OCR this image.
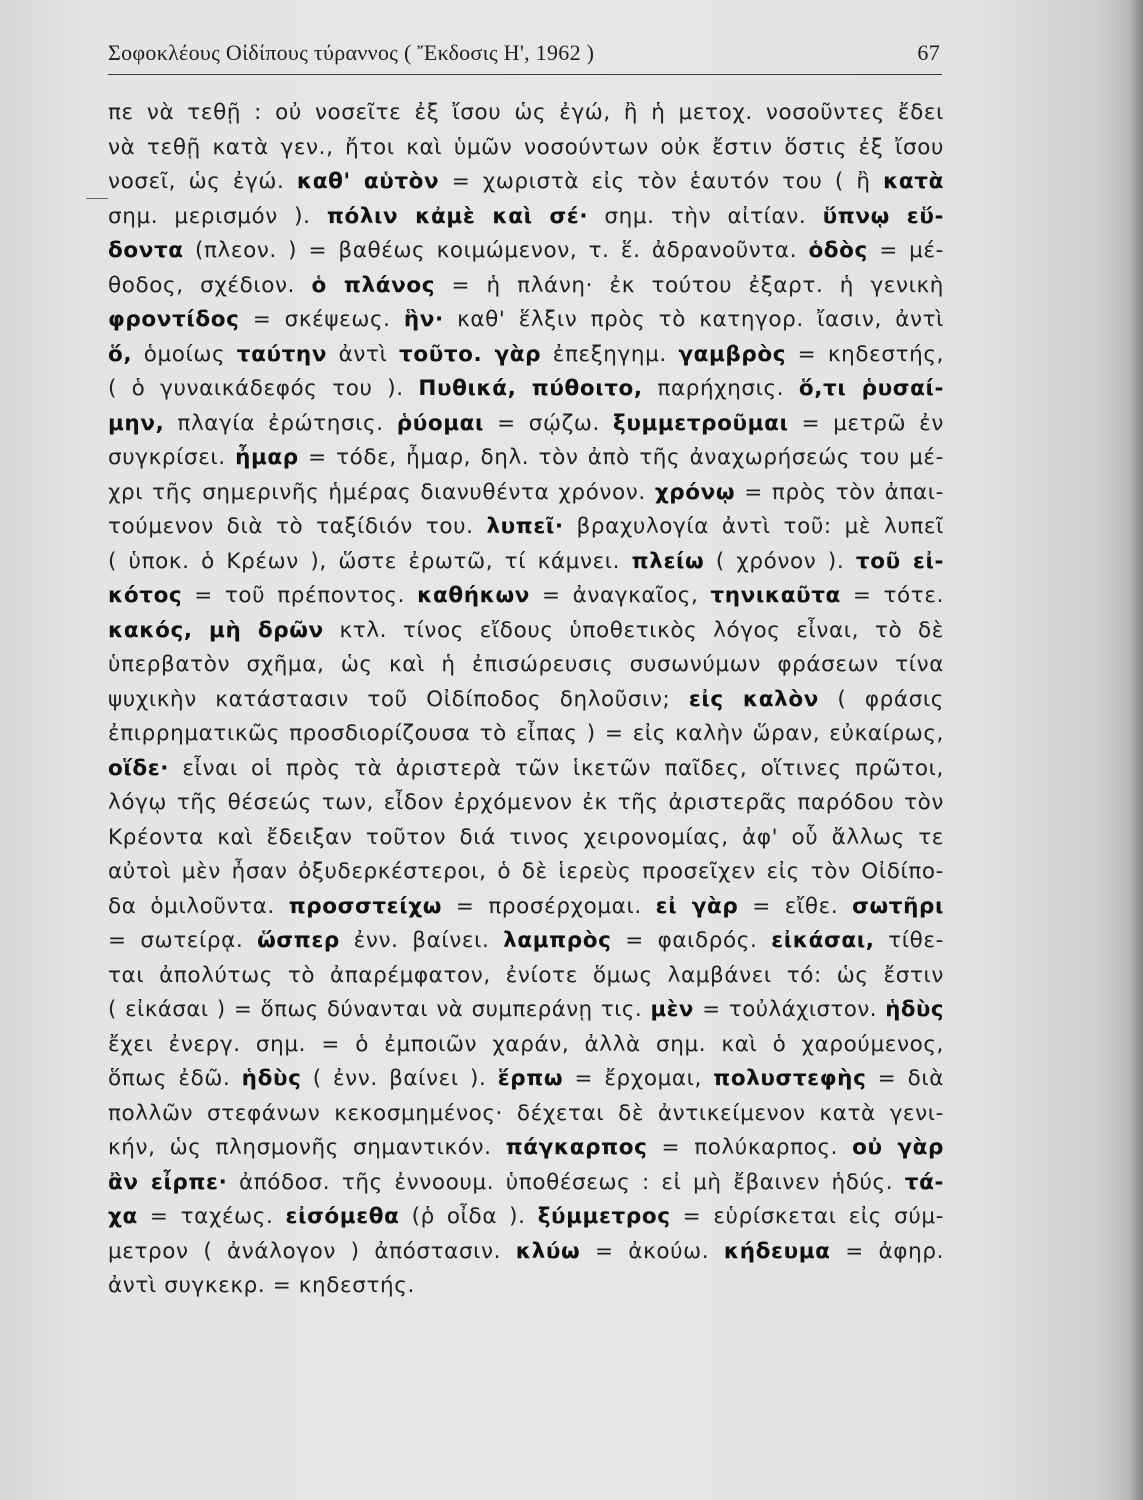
Σοφοκλέους Οἰδίπους τύραννος ( Ἔκδοσις Η', 1962 )	67
πε νὰ τεθῇ : οὐ νοσεῖτε ἐξ ἴσου ὡς ἐγώ, ἢ ἡ μετοχ. νοσοῦντες ἔδει
νὰ τεθῇ κατὰ γεν., ἤτοι καὶ ὑμῶν νοσούντων οὐκ ἔστιν ὅστις ἐξ ἴσου
νοσεῖ, ὡς ἐγώ. καθ' αὑτὸν = χωριστὰ εἰς τὸν ἑαυτόν του ( ἢ κατὰ
σημ. μερισμόν ). πόλιν κἀμὲ καὶ σέ· σημ. τὴν αἰτίαν. ὕπνῳ εὕ-
δοντα (πλεον. ) = βαθέως κοιμώμενον, τ. ἕ. ἀδρανοῦντα. ὁδὸς = μέ-
θοδος, σχέδιον. ὁ πλάνος = ἡ πλάνη· ἐκ τούτου ἐξαρτ. ἡ γενικὴ
φροντίδος = σκέψεως. ἣν· καθ' ἕλξιν πρὸς τὸ κατηγορ. ἴασιν, ἀντὶ
ὅ, ὁμοίως ταύτην ἀντὶ τοῦτο. γὰρ ἐπεξηγημ. γαμβρὸς = κηδεστής,
( ὁ γυναικάδεφός του ). Πυθικά, πύθοιτο, παρήχησις. ὅ,τι ῥυσαί-
μην, πλαγία ἐρώτησις. ῥύομαι = σῴζω. ξυμμετροῦμαι = μετρῶ ἐν
συγκρίσει. ἦμαρ = τόδε, ἦμαρ, δηλ. τὸν ἀπὸ τῆς ἀναχωρήσεώς του μέ-
χρι τῆς σημερινῆς ἡμέρας διανυθέντα χρόνον. χρόνῳ = πρὸς τὸν ἀπαι-
τούμενον διὰ τὸ ταξίδιόν του. λυπεῖ· βραχυλογία ἀντὶ τοῦ: μὲ λυπεῖ
( ὑποκ. ὁ Κρέων ), ὥστε ἐρωτῶ, τί κάμνει. πλείω ( χρόνον ). τοῦ εἰ-
κότος = τοῦ πρέποντος. καθήκων = ἀναγκαῖος, τηνικαῦτα = τότε.
κακός, μὴ δρῶν κτλ. τίνος εἴδους ὑποθετικὸς λόγος εἶναι, τὸ δὲ
ὑπερβατὸν σχῆμα, ὡς καὶ ἡ ἐπισώρευσις συσωνύμων φράσεων τίνα
ψυχικὴν κατάστασιν τοῦ Οἰδίποδος δηλοῦσιν; εἰς καλὸν ( φράσις
ἐπιρρηματικῶς προσδιορίζουσα τὸ εἶπας ) = εἰς καλὴν ὥραν, εὐκαίρως,
οἵδε· εἶναι οἱ πρὸς τὰ ἀριστερὰ τῶν ἱκετῶν παῖδες, οἵτινες πρῶτοι,
λόγῳ τῆς θέσεώς των, εἶδον ἐρχόμενον ἐκ τῆς ἀριστερᾶς παρόδου τὸν
Κρέοντα καὶ ἔδειξαν τοῦτον διά τινος χειρονομίας, ἀφ' οὗ ἄλλως τε
αὐτοὶ μὲν ἦσαν ὀξυδερκέστεροι, ὁ δὲ ἱερεὺς προσεῖχεν εἰς τὸν Οἰδίπο-
δα ὁμιλοῦντα. προσστείχω = προσέρχομαι. εἰ γὰρ = εἴθε. σωτῆρι
= σωτείρᾳ. ὥσπερ ἐνν. βαίνει. λαμπρὸς = φαιδρός. εἰκάσαι, τίθε-
ται ἀπολύτως τὸ ἀπαρέμφατον, ἐνίοτε ὅμως λαμβάνει τό: ὡς ἔστιν
( εἰκάσαι ) = ὅπως δύνανται νὰ συμπεράνῃ τις. μὲν = τοὐλάχιστον. ἡδὺς
ἔχει ἐνεργ. σημ. = ὁ ἐμποιῶν χαράν, ἀλλὰ σημ. καὶ ὁ χαρούμενος,
ὅπως ἐδῶ. ἡδὺς ( ἐνν. βαίνει ). ἕρπω = ἔρχομαι, πολυστεφὴς = διὰ
πολλῶν στεφάνων κεκοσμημένος· δέχεται δὲ ἀντικείμενον κατὰ γενι-
κήν, ὡς πλησμονῆς σημαντικόν. πάγκαρπος = πολύκαρπος. οὐ γὰρ
ἂν εἶρπε· ἀπόδοσ. τῆς ἐννοουμ. ὑποθέσεως : εἰ μὴ ἔβαινεν ἡδύς. τά-
χα = ταχέως. εἰσόμεθα (ῥ οἶδα ). ξύμμετρος = εὑρίσκεται εἰς σύμ-
μετρον ( ἀνάλογον ) ἀπόστασιν. κλύω = ἀκούω. κήδευμα = ἀφηρ.
ἀντὶ συγκεκρ. = κηδεστής.
